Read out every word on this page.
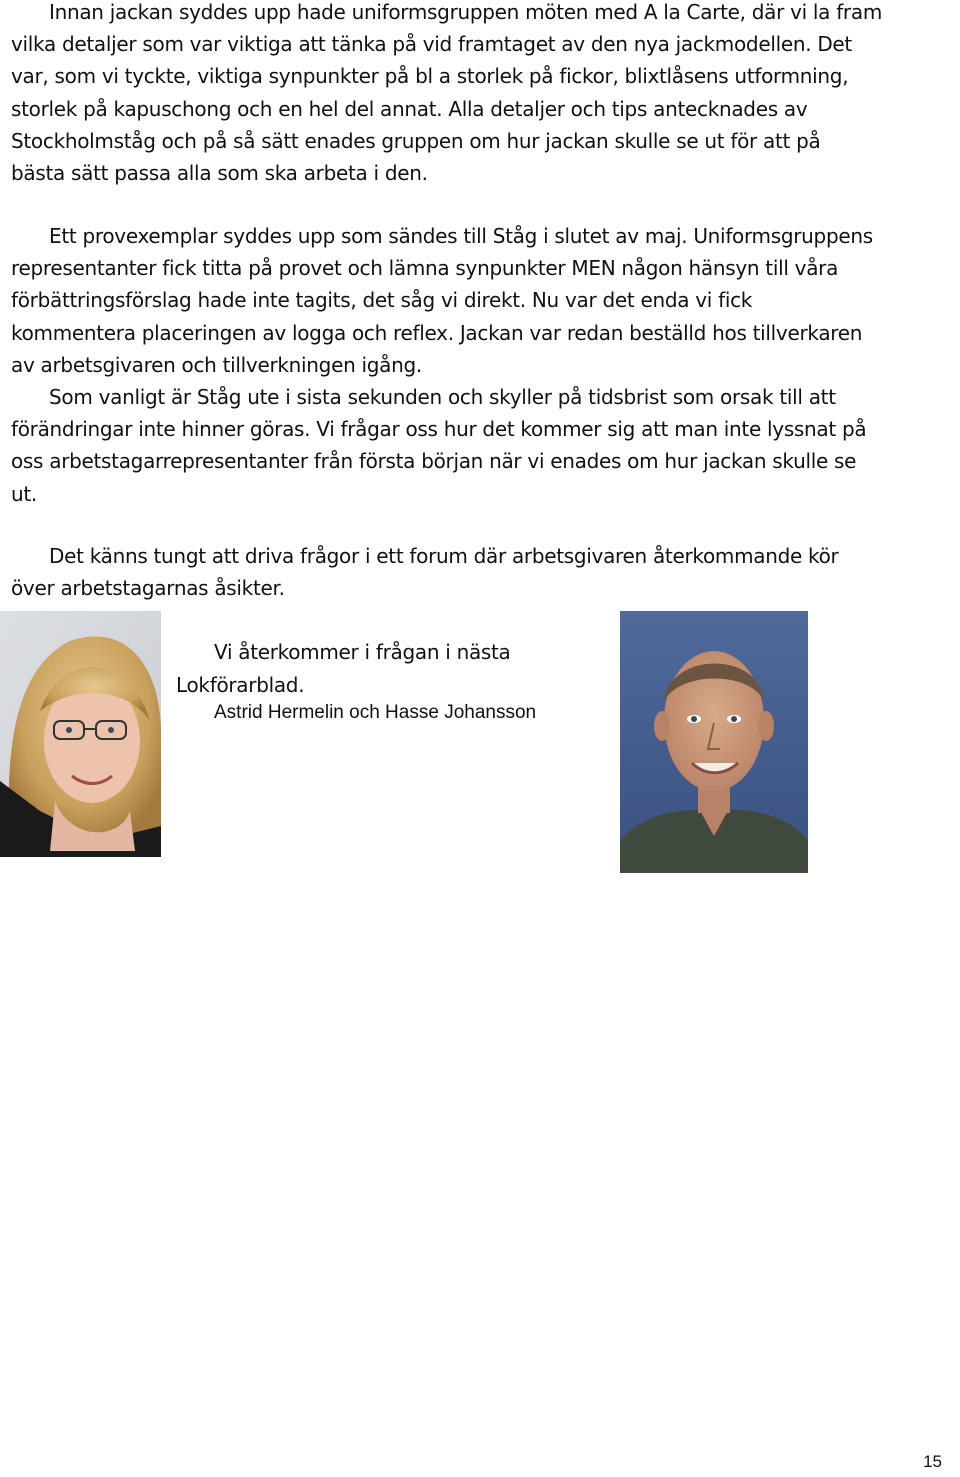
Innan jackan syddes upp hade uniformsgruppen möten med A la Carte, där vi la fram
vilka detaljer som var viktiga att tänka på vid framtaget av den nya jackmodellen. Det
var, som vi tyckte, viktiga synpunkter på bl a storlek på fickor, blixtlåsens utformning,
storlek på kapuschong och en hel del annat. Alla detaljer och tips antecknades av
Stockholmståg och på så sätt enades gruppen om hur jackan skulle se ut för att på
bästa sätt passa alla som ska arbeta i den.

Ett provexemplar syddes upp som sändes till Ståg i slutet av maj. Uniformsgruppens
representanter fick titta på provet och lämna synpunkter MEN någon hänsyn till våra
förbättringsförslag hade inte tagits, det såg vi direkt. Nu var det enda vi fick
kommentera placeringen av logga och reflex. Jackan var redan beställd hos tillverkaren
av arbetsgivaren och tillverkningen igång.
Som vanligt är Ståg ute i sista sekunden och skyller på tidsbrist som orsak till att
förändringar inte hinner göras. Vi frågar oss hur det kommer sig att man inte lyssnat på
oss arbetstagarrepresentanter från första början när vi enades om hur jackan skulle se
ut.

Det känns tungt att driva frågor i ett forum där arbetsgivaren återkommande kör
över arbetstagarnas åsikter.

Vi återkommer i frågan i nästa
Lokförarblad.
Astrid Hermelin och Hasse Johansson
15
